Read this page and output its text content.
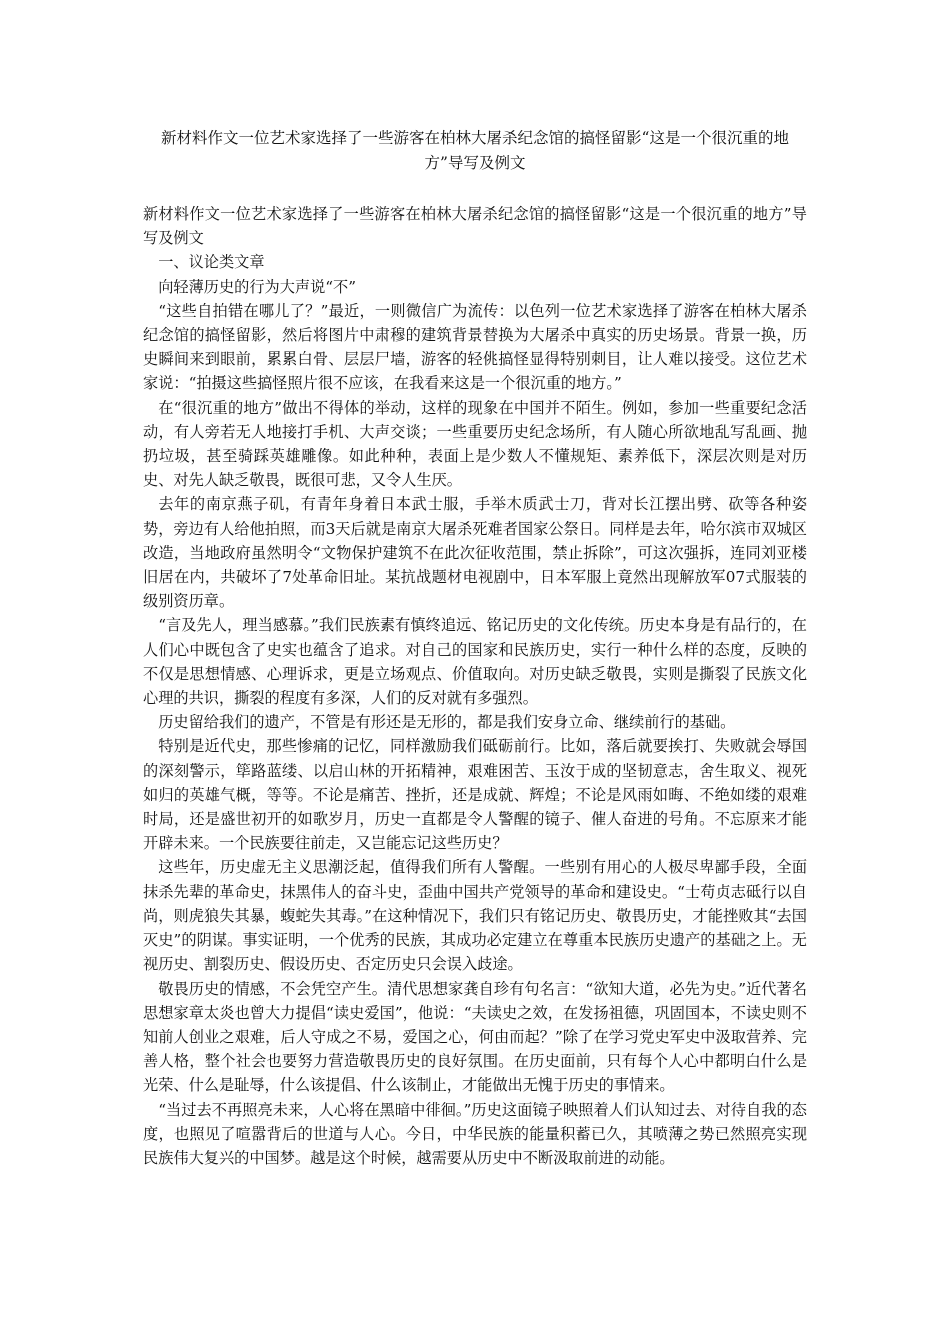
新材料作文一位艺术家选择了一些游客在柏林大屠杀纪念馆的搞怪留影“这是一个很沉重的地方”导写及例文

新材料作文一位艺术家选择了一些游客在柏林大屠杀纪念馆的搞怪留影“这是一个很沉重的地方”导写及例文

一、议论类文章

向轻薄历史的行为大声说“不”

“这些自拍错在哪儿了？”最近，一则微信广为流传：以色列一位艺术家选择了游客在柏林大屠杀纪念馆的搞怪留影，然后将图片中肃穆的建筑背景替换为大屠杀中真实的历史场景。背景一换，历史瞬间来到眼前，累累白骨、层层尸墙，游客的轻佻搞怪显得特别刺目，让人难以接受。这位艺术家说：“拍摄这些搞怪照片很不应该，在我看来这是一个很沉重的地方。”

在“很沉重的地方”做出不得体的举动，这样的现象在中国并不陌生。例如，参加一些重要纪念活动，有人旁若无人地接打手机、大声交谈；一些重要历史纪念场所，有人随心所欲地乱写乱画、抛扔垃圾，甚至骑踩英雄雕像。如此种种，表面上是少数人不懂规矩、素养低下，深层次则是对历史、对先人缺乏敬畏，既很可悲，又令人生厌。

去年的南京燕子矶，有青年身着日本武士服，手举木质武士刀，背对长江摆出劈、砍等各种姿势，旁边有人给他拍照，而3天后就是南京大屠杀死难者国家公祭日。同样是去年，哈尔滨市双城区改造，当地政府虽然明令“文物保护建筑不在此次征收范围，禁止拆除”，可这次强拆，连同刘亚楼旧居在内，共破坏了7处革命旧址。某抗战题材电视剧中，日本军服上竟然出现解放军07式服装的级别资历章。

“言及先人，理当感慕。”我们民族素有慎终追远、铭记历史的文化传统。历史本身是有品行的，在人们心中既包含了史实也蕴含了追求。对自己的国家和民族历史，实行一种什么样的态度，反映的不仅是思想情感、心理诉求，更是立场观点、价值取向。对历史缺乏敬畏，实则是撕裂了民族文化心理的共识，撕裂的程度有多深，人们的反对就有多强烈。

历史留给我们的遗产，不管是有形还是无形的，都是我们安身立命、继续前行的基础。

特别是近代史，那些惨痛的记忆，同样激励我们砥砺前行。比如，落后就要挨打、失败就会辱国的深刻警示，筚路蓝缕、以启山林的开拓精神，艰难困苦、玉汝于成的坚韧意志，舍生取义、视死如归的英雄气概，等等。不论是痛苦、挫折，还是成就、辉煌；不论是风雨如晦、不绝如缕的艰难时局，还是盛世初开的如歌岁月，历史一直都是令人警醒的镜子、催人奋进的号角。不忘原来才能开辟未来。一个民族要往前走，又岂能忘记这些历史？

这些年，历史虚无主义思潮泛起，值得我们所有人警醒。一些别有用心的人极尽卑鄙手段，全面抹杀先辈的革命史，抹黑伟人的奋斗史，歪曲中国共产党领导的革命和建设史。“士苟贞志砥行以自尚，则虎狼失其暴，蝮蛇失其毒。”在这种情况下，我们只有铭记历史、敬畏历史，才能挫败其“去国灭史”的阴谋。事实证明，一个优秀的民族，其成功必定建立在尊重本民族历史遗产的基础之上。无视历史、割裂历史、假设历史、否定历史只会误入歧途。

敬畏历史的情感，不会凭空产生。清代思想家龚自珍有句名言：“欲知大道，必先为史。”近代著名思想家章太炎也曾大力提倡“读史爱国”，他说：“夫读史之效，在发扬祖德，巩固国本，不读史则不知前人创业之艰难，后人守成之不易，爱国之心，何由而起？”除了在学习党史军史中汲取营养、完善人格，整个社会也要努力营造敬畏历史的良好氛围。在历史面前，只有每个人心中都明白什么是光荣、什么是耻辱，什么该提倡、什么该制止，才能做出无愧于历史的事情来。

“当过去不再照亮未来，人心将在黑暗中徘徊。”历史这面镜子映照着人们认知过去、对待自我的态度，也照见了喧嚣背后的世道与人心。今日，中华民族的能量积蓄已久，其喷薄之势已然照亮实现民族伟大复兴的中国梦。越是这个时候，越需要从历史中不断汲取前进的动能。
